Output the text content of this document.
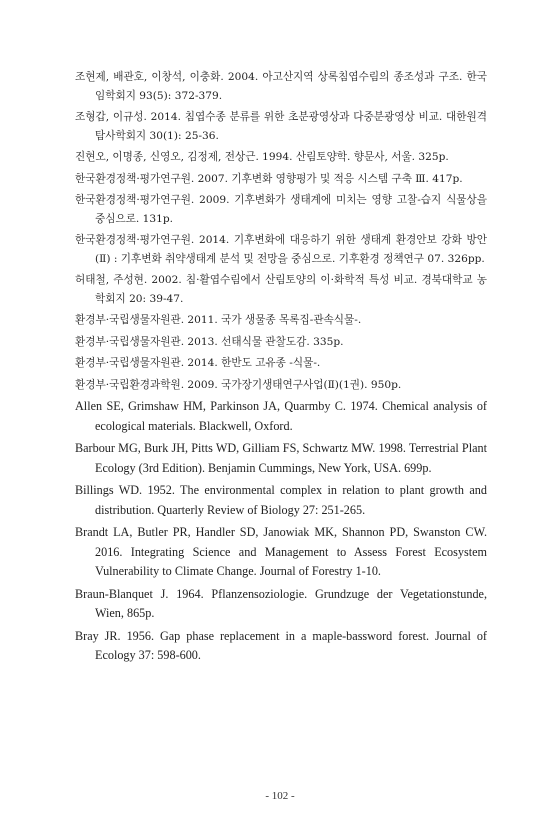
조현제, 배관호, 이창석, 이충화. 2004. 아고산지역 상록침엽수림의 종조성과 구조. 한국임학회지 93(5): 372-379.
조형갑, 이규성. 2014. 침엽수종 분류를 위한 초분광영상과 다중분광영상 비교. 대한원격탐사학회지 30(1): 25-36.
진현오, 이명종, 신영오, 김정제, 전상근. 1994. 산림토양학. 향문사, 서울. 325p.
한국환경정책·평가연구원. 2007. 기후변화 영향평가 및 적응 시스템 구축 Ⅲ. 417p.
한국환경정책·평가연구원. 2009. 기후변화가 생태계에 미치는 영향 고찰-습지 식물상을 중심으로. 131p.
한국환경정책·평가연구원. 2014. 기후변화에 대응하기 위한 생태계 환경안보 강화 방안(Ⅱ) : 기후변화 취약생태계 분석 및 전망을 중심으로. 기후환경 정책연구 07. 326pp.
허태철, 주성현. 2002. 침·활엽수림에서 산림토양의 이·화학적 특성 비교. 경북대학교 농학회지 20: 39-47.
환경부·국립생물자원관. 2011. 국가 생물종 목록집-관속식물-.
환경부·국립생물자원관. 2013. 선태식물 관찰도감. 335p.
환경부·국립생물자원관. 2014. 한반도 고유종 -식물-.
환경부·국립환경과학원. 2009. 국가장기생태연구사업(Ⅱ)(1권). 950p.
Allen SE, Grimshaw HM, Parkinson JA, Quarmby C. 1974. Chemical analysis of ecological materials. Blackwell, Oxford.
Barbour MG, Burk JH, Pitts WD, Gilliam FS, Schwartz MW. 1998. Terrestrial Plant Ecology (3rd Edition). Benjamin Cummings, New York, USA. 699p.
Billings WD. 1952. The environmental complex in relation to plant growth and distribution. Quarterly Review of Biology 27: 251-265.
Brandt LA, Butler PR, Handler SD, Janowiak MK, Shannon PD, Swanston CW. 2016. Integrating Science and Management to Assess Forest Ecosystem Vulnerability to Climate Change. Journal of Forestry 1-10.
Braun-Blanquet J. 1964. Pflanzensoziologie. Grundzuge der Vegetationstunde, Wien, 865p.
Bray JR. 1956. Gap phase replacement in a maple-bassword forest. Journal of Ecology 37: 598-600.
- 102 -
